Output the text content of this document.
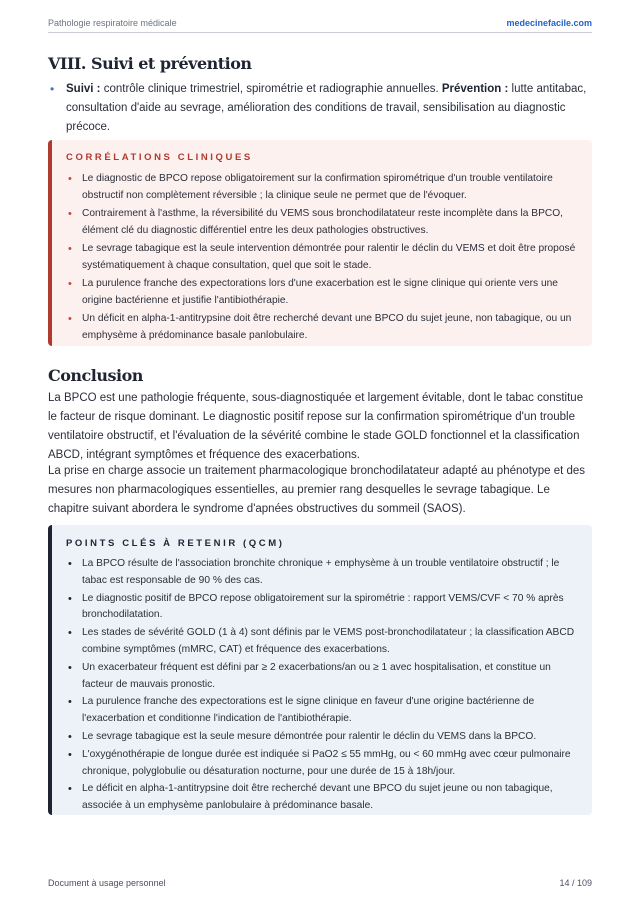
Pathologie respiratoire médicale	medecinefacile.com
VIII. Suivi et prévention
•	Suivi : contrôle clinique trimestriel, spirométrie et radiographie annuelles. Prévention : lutte antitabac, consultation d'aide au sevrage, amélioration des conditions de travail, sensibilisation au diagnostic précoce.
CORRÉLATIONS CLINIQUES
• Le diagnostic de BPCO repose obligatoirement sur la confirmation spirométrique d'un trouble ventilatoire obstructif non complètement réversible ; la clinique seule ne permet que de l'évoquer.
• Contrairement à l'asthme, la réversibilité du VEMS sous bronchodilatateur reste incomplète dans la BPCO, élément clé du diagnostic différentiel entre les deux pathologies obstructives.
• Le sevrage tabagique est la seule intervention démontrée pour ralentir le déclin du VEMS et doit être proposé systématiquement à chaque consultation, quel que soit le stade.
• La purulence franche des expectorations lors d'une exacerbation est le signe clinique qui oriente vers une origine bactérienne et justifie l'antibiothérapie.
• Un déficit en alpha-1-antitrypsine doit être recherché devant une BPCO du sujet jeune, non tabagique, ou un emphysème à prédominance basale panlobulaire.
Conclusion

La BPCO est une pathologie fréquente, sous-diagnostiquée et largement évitable, dont le tabac constitue le facteur de risque dominant. Le diagnostic positif repose sur la confirmation spirométrique d'un trouble ventilatoire obstructif, et l'évaluation de la sévérité combine le stade GOLD fonctionnel et la classification ABCD, intégrant symptômes et fréquence des exacerbations.

La prise en charge associe un traitement pharmacologique bronchodilatateur adapté au phénotype et des mesures non pharmacologiques essentielles, au premier rang desquelles le sevrage tabagique. Le chapitre suivant abordera le syndrome d'apnées obstructives du sommeil (SAOS).

POINTS CLÉS À RETENIR (QCM)
• La BPCO résulte de l'association bronchite chronique + emphysème à un trouble ventilatoire obstructif ; le tabac est responsable de 90 % des cas.
• Le diagnostic positif de BPCO repose obligatoirement sur la spirométrie : rapport VEMS/CVF < 70 % après bronchodilatation.
• Les stades de sévérité GOLD (1 à 4) sont définis par le VEMS post-bronchodilatateur ; la classification ABCD combine symptômes (mMRC, CAT) et fréquence des exacerbations.
• Un exacerbateur fréquent est défini par ≥ 2 exacerbations/an ou ≥ 1 avec hospitalisation, et constitue un facteur de mauvais pronostic.
• La purulence franche des expectorations est le signe clinique en faveur d'une origine bactérienne de l'exacerbation et conditionne l'indication de l'antibiothérapie.
• Le sevrage tabagique est la seule mesure démontrée pour ralentir le déclin du VEMS dans la BPCO.
• L'oxygénothérapie de longue durée est indiquée si PaO2 ≤ 55 mmHg, ou < 60 mmHg avec cœur pulmonaire chronique, polyglobulie ou désaturation nocturne, pour une durée de 15 à 18h/jour.
• Le déficit en alpha-1-antitrypsine doit être recherché devant une BPCO du sujet jeune ou non tabagique, associée à un emphysème panlobulaire à prédominance basale.
Document à usage personnel	14 / 109
